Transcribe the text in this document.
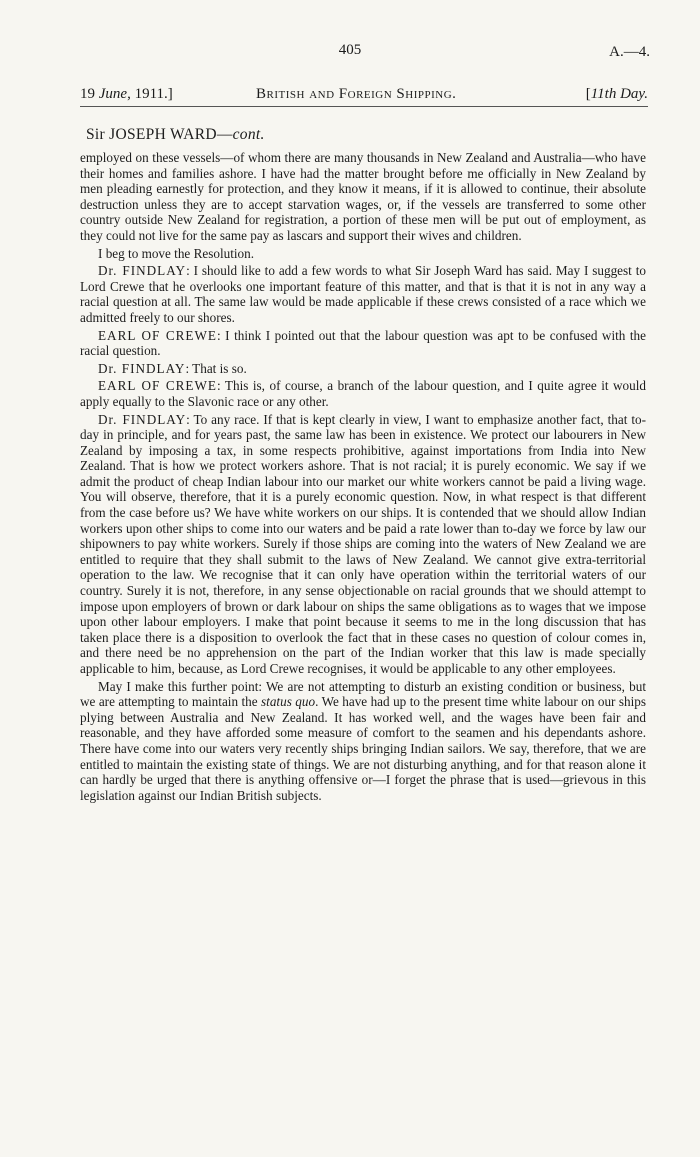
405	A.—4.
19 June, 1911.]	British and Foreign Shipping.	[11th Day.
Sir JOSEPH WARD—cont.

employed on these vessels—of whom there are many thousands in New Zealand and Australia—who have their homes and families ashore. I have had the matter brought before me officially in New Zealand by men pleading earnestly for protection, and they know it means, if it is allowed to continue, their absolute destruction unless they are to accept starvation wages, or, if the vessels are transferred to some other country outside New Zealand for registration, a portion of these men will be put out of employment, as they could not live for the same pay as lascars and support their wives and children.

I beg to move the Resolution.

Dr. FINDLAY: I should like to add a few words to what Sir Joseph Ward has said. May I suggest to Lord Crewe that he overlooks one important feature of this matter, and that is that it is not in any way a racial question at all. The same law would be made applicable if these crews consisted of a race which we admitted freely to our shores.

EARL OF CREWE: I think I pointed out that the labour question was apt to be confused with the racial question.

Dr. FINDLAY: That is so.

EARL OF CREWE: This is, of course, a branch of the labour question, and I quite agree it would apply equally to the Slavonic race or any other.

Dr. FINDLAY: To any race. If that is kept clearly in view, I want to emphasize another fact, that to-day in principle, and for years past, the same law has been in existence. We protect our labourers in New Zealand by imposing a tax, in some respects prohibitive, against importations from India into New Zealand. That is how we protect workers ashore. That is not racial; it is purely economic. We say if we admit the product of cheap Indian labour into our market our white workers cannot be paid a living wage. You will observe, therefore, that it is a purely economic question. Now, in what respect is that different from the case before us? We have white workers on our ships. It is contended that we should allow Indian workers upon other ships to come into our waters and be paid a rate lower than to-day we force by law our shipowners to pay white workers. Surely if those ships are coming into the waters of New Zealand we are entitled to require that they shall submit to the laws of New Zealand. We cannot give extra-territorial operation to the law. We recognise that it can only have operation within the territorial waters of our country. Surely it is not, therefore, in any sense objectionable on racial grounds that we should attempt to impose upon employers of brown or dark labour on ships the same obligations as to wages that we impose upon other labour employers. I make that point because it seems to me in the long discussion that has taken place there is a disposition to overlook the fact that in these cases no question of colour comes in, and there need be no apprehension on the part of the Indian worker that this law is made specially applicable to him, because, as Lord Crewe recognises, it would be applicable to any other employees.

May I make this further point: We are not attempting to disturb an existing condition or business, but we are attempting to maintain the status quo. We have had up to the present time white labour on our ships plying between Australia and New Zealand. It has worked well, and the wages have been fair and reasonable, and they have afforded some measure of comfort to the seamen and his dependants ashore. There have come into our waters very recently ships bringing Indian sailors. We say, therefore, that we are entitled to maintain the existing state of things. We are not disturbing anything, and for that reason alone it can hardly be urged that there is anything offensive or—I forget the phrase that is used—grievous in this legislation against our Indian British subjects.
